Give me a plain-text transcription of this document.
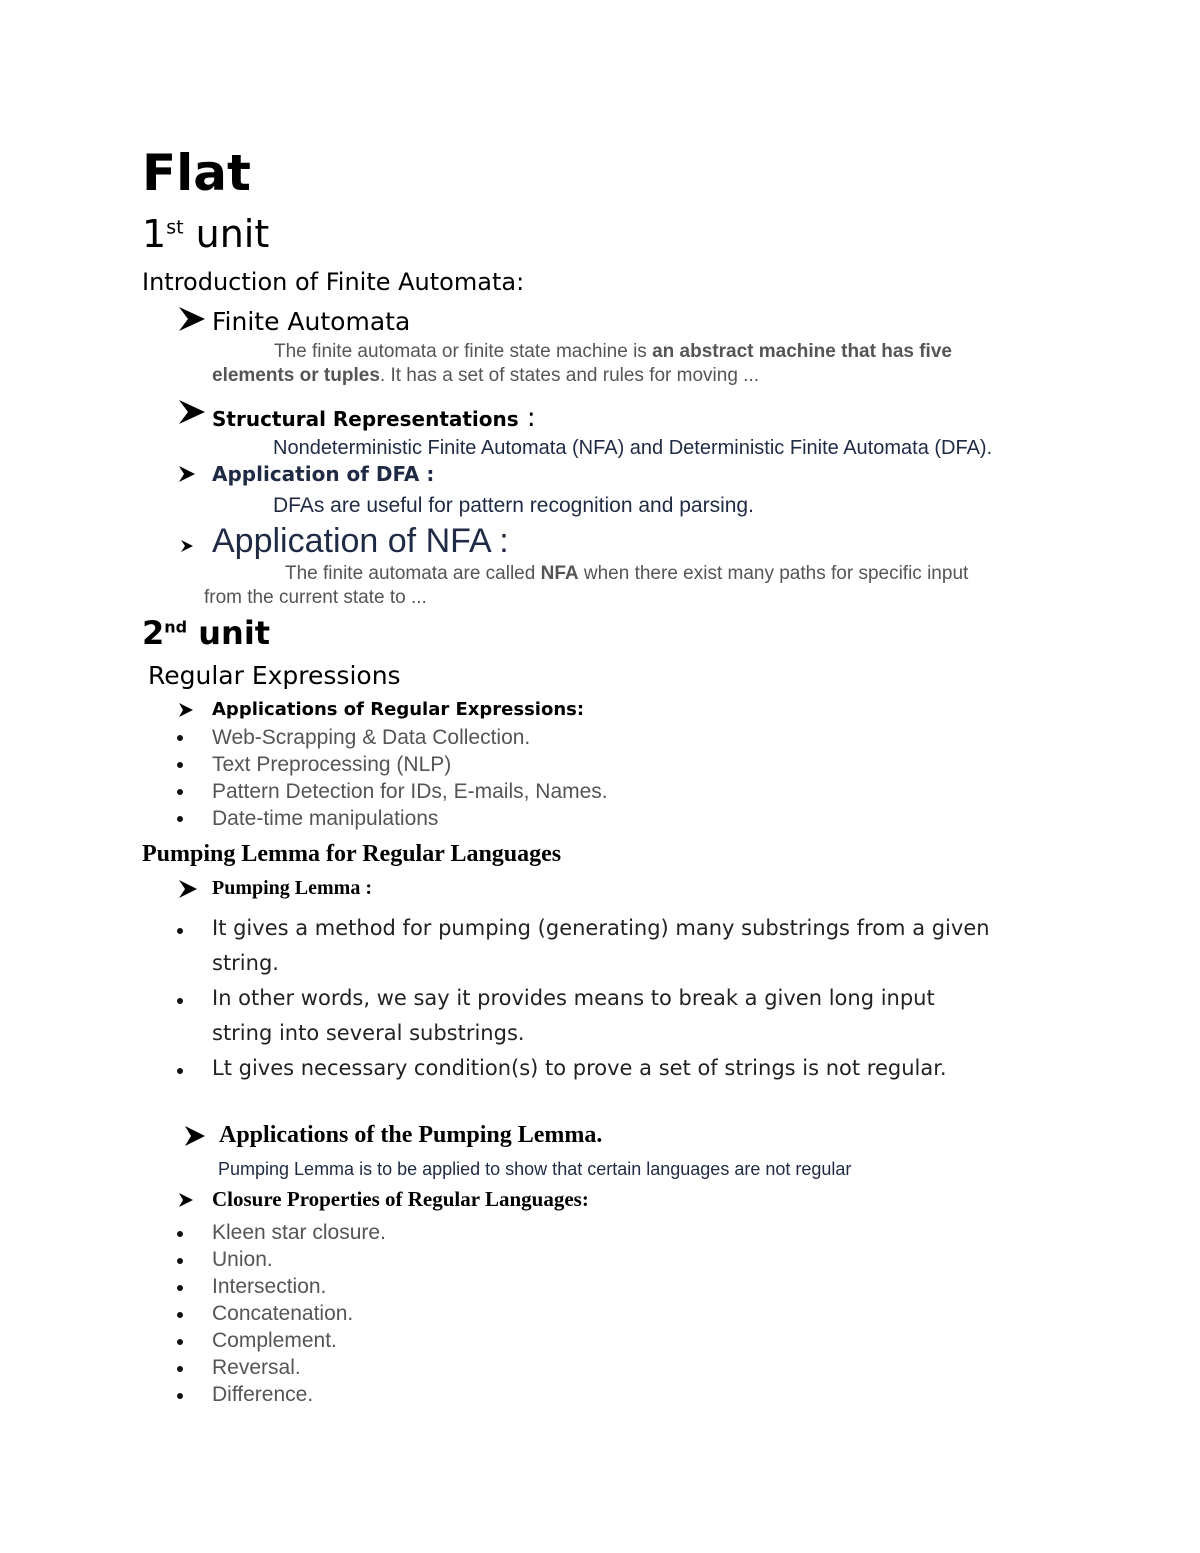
Flat
1st unit
Introduction of Finite Automata:
Finite Automata
The finite automata or finite state machine is an abstract machine that has five
elements or tuples. It has a set of states and rules for moving ...
Structural Representations :
Nondeterministic Finite Automata (NFA) and Deterministic Finite Automata (DFA).
Application of DFA :
DFAs are useful for pattern recognition and parsing.
Application of NFA :
The finite automata are called NFA when there exist many paths for specific input
from the current state to ...
2nd unit
Regular Expressions
Applications of Regular Expressions:
Web-Scrapping & Data Collection.
Text Preprocessing (NLP)
Pattern Detection for IDs, E-mails, Names.
Date-time manipulations
Pumping Lemma for Regular Languages
Pumping Lemma :
It gives a method for pumping (generating) many substrings from a given
string.
In other words, we say it provides means to break a given long input
string into several substrings.
Lt gives necessary condition(s) to prove a set of strings is not regular.
Applications of the Pumping Lemma.
Pumping Lemma is to be applied to show that certain languages are not regular
Closure Properties of Regular Languages:
Kleen star closure.
Union.
Intersection.
Concatenation.
Complement.
Reversal.
Difference.
